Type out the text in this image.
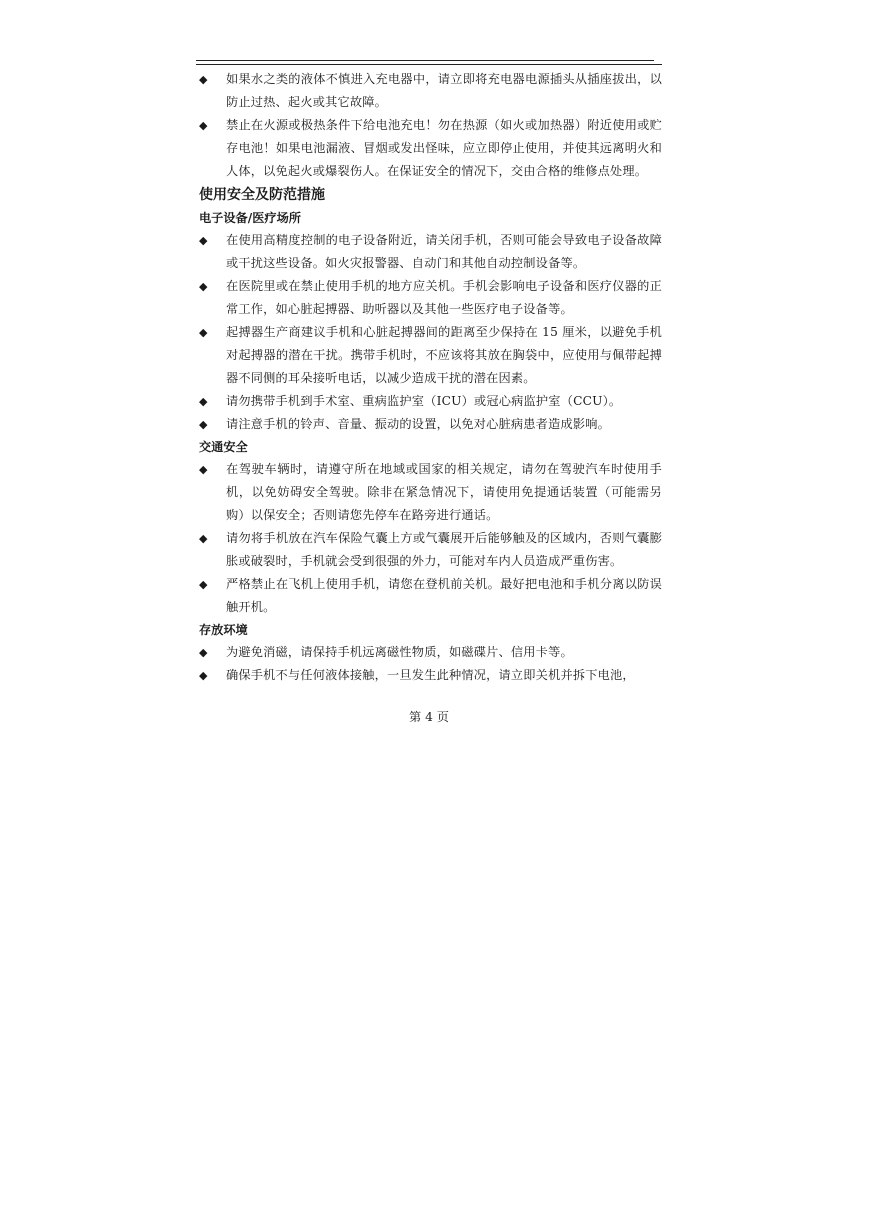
◆ 如果水之类的液体不慎进入充电器中，请立即将充电器电源插头从插座拔出，以防止过热、起火或其它故障。
◆ 禁止在火源或极热条件下给电池充电！勿在热源（如火或加热器）附近使用或贮存电池！如果电池漏液、冒烟或发出怪味，应立即停止使用，并使其远离明火和人体，以免起火或爆裂伤人。在保证安全的情况下，交由合格的维修点处理。
使用安全及防范措施
电子设备/医疗场所
◆ 在使用高精度控制的电子设备附近，请关闭手机，否则可能会导致电子设备故障或干扰这些设备。如火灾报警器、自动门和其他自动控制设备等。
◆ 在医院里或在禁止使用手机的地方应关机。手机会影响电子设备和医疗仪器的正常工作，如心脏起搏器、助听器以及其他一些医疗电子设备等。
◆ 起搏器生产商建议手机和心脏起搏器间的距离至少保持在 15 厘米，以避免手机对起搏器的潜在干扰。携带手机时，不应该将其放在胸袋中，应使用与佩带起搏器不同侧的耳朵接听电话，以减少造成干扰的潜在因素。
◆ 请勿携带手机到手术室、重病监护室（ICU）或冠心病监护室（CCU）。
◆ 请注意手机的铃声、音量、振动的设置，以免对心脏病患者造成影响。
交通安全
◆ 在驾驶车辆时，请遵守所在地域或国家的相关规定，请勿在驾驶汽车时使用手机，以免妨碍安全驾驶。除非在紧急情况下，请使用免提通话装置（可能需另购）以保安全；否则请您先停车在路旁进行通话。
◆ 请勿将手机放在汽车保险气囊上方或气囊展开后能够触及的区域内，否则气囊膨胀或破裂时，手机就会受到很强的外力，可能对车内人员造成严重伤害。
◆ 严格禁止在飞机上使用手机，请您在登机前关机。最好把电池和手机分离以防误触开机。
存放环境
◆ 为避免消磁，请保持手机远离磁性物质，如磁碟片、信用卡等。
◆ 确保手机不与任何液体接触，一旦发生此种情况，请立即关机并拆下电池，
第 4 页
